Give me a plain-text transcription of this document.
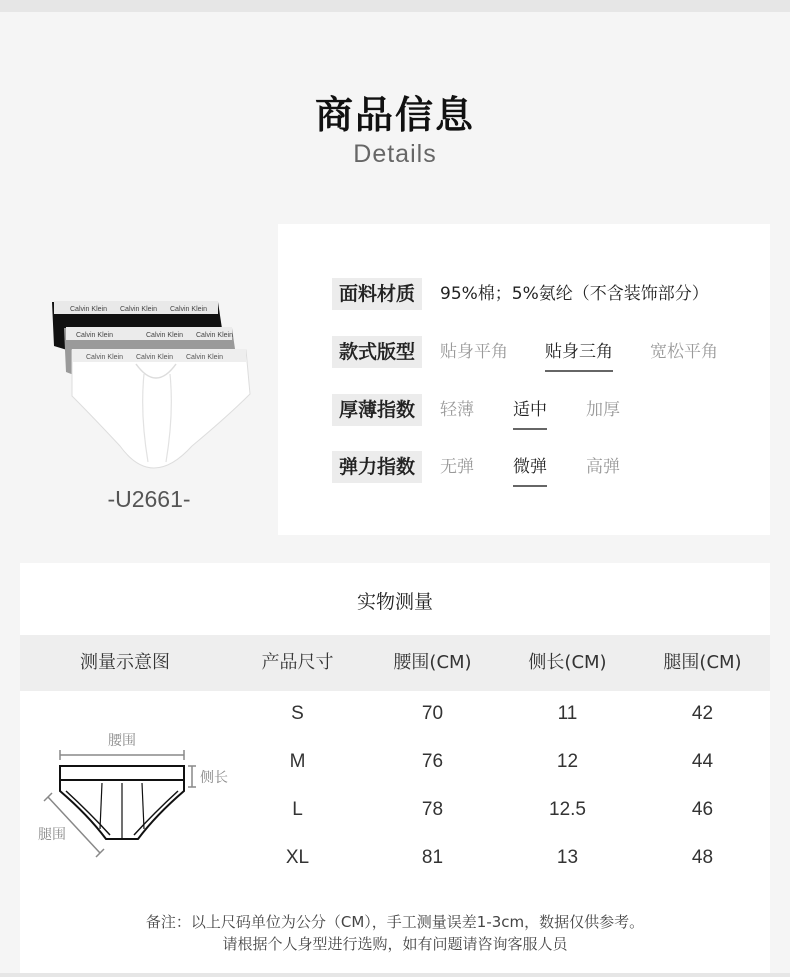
商品信息
Details
Calvin Klein Calvin Klein Calvin Klein
Calvin Klein	Calvin Klein Calvin Klein
Calvin Klein Calvin Klein Calvin Klein
-U2661-
面料材质	95%棉；5%氨纶（不含装饰部分）
款式版型	贴身平角 贴身三角 宽松平角
厚薄指数	轻薄 适中 加厚
弹力指数	无弹 微弹 高弹
实物测量
测量示意图	产品尺寸	腰围(CM)	侧长(CM)	腿围(CM)
腰围
侧长
腿围
S	70	11	42
M	76	12	44
L	78	12.5	46
XL	81	13	48
备注：以上尺码单位为公分（CM），手工测量误差1-3cm，数据仅供参考。
请根据个人身型进行选购，如有问题请咨询客服人员
